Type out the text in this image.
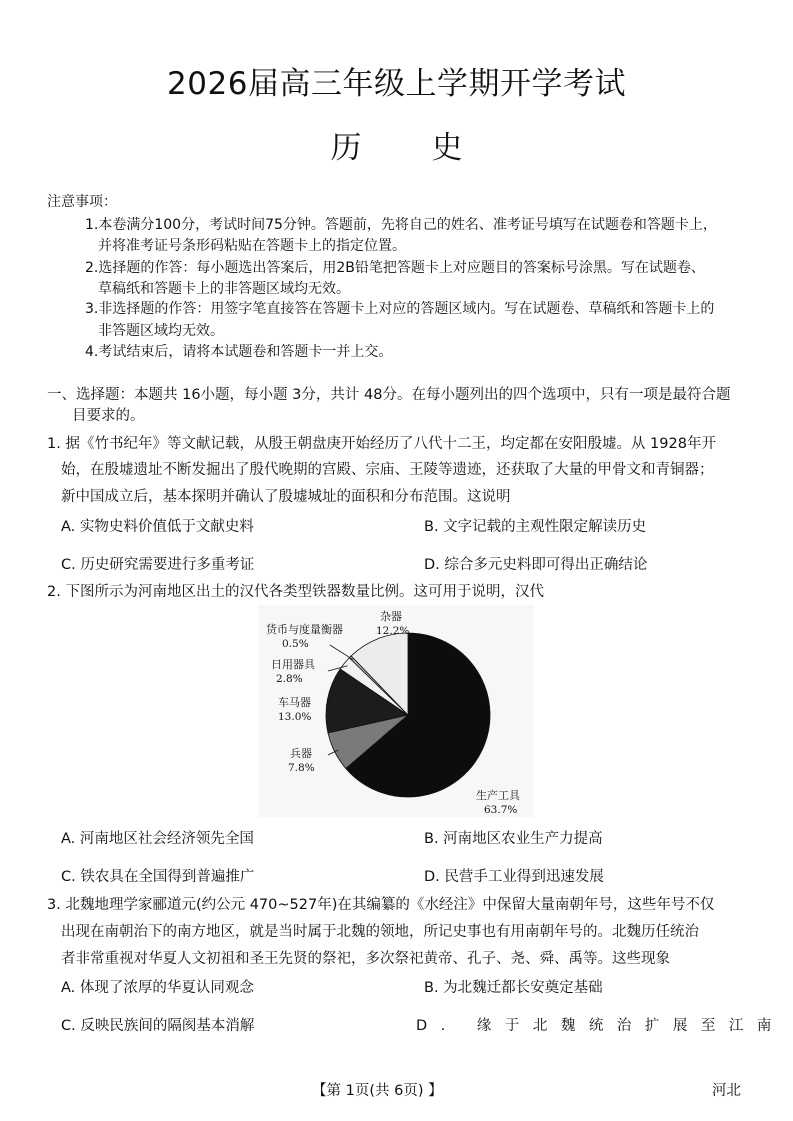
2026届高三年级上学期开学考试
历 史
注意事项：
1.本卷满分100分，考试时间75分钟。答题前，先将自己的姓名、准考证号填写在试题卷和答题卡上，
并将准考证号条形码粘贴在答题卡上的指定位置。
2.选择题的作答：每小题选出答案后，用2B铅笔把答题卡上对应题目的答案标号涂黑。写在试题卷、
草稿纸和答题卡上的非答题区域均无效。
3.非选择题的作答：用签字笔直接答在答题卡上对应的答题区域内。写在试题卷、草稿纸和答题卡上的
非答题区域均无效。
4.考试结束后，请将本试题卷和答题卡一并上交。
一、选择题：本题共 16小题，每小题 3分，共计 48分。在每小题列出的四个选项中，只有一项是最符合题
目要求的。
1. 据《竹书纪年》等文献记载，从殷王朝盘庚开始经历了八代十二王，均定都在安阳殷墟。从 1928年开
始，在殷墟遗址不断发掘出了殷代晚期的宫殿、宗庙、王陵等遗迹，还获取了大量的甲骨文和青铜器；
新中国成立后，基本探明并确认了殷墟城址的面积和分布范围。这说明
A. 实物史料价值低于文献史料	B. 文字记载的主观性限定解读历史
C. 历史研究需要进行多重考证	D. 综合多元史料即可得出正确结论
2. 下图所示为河南地区出土的汉代各类型铁器数量比例。这可用于说明，汉代
杂器
12.2%
货币与度量衡器
0.5%
日用器具
2.8%
车马器
13.0%
兵器
7.8%
生产工具
63.7%
A. 河南地区社会经济领先全国	B. 河南地区农业生产力提高
C. 铁农具在全国得到普遍推广	D. 民营手工业得到迅速发展
3. 北魏地理学家郦道元(约公元 470~527年)在其编纂的《水经注》中保留大量南朝年号，这些年号不仅
出现在南朝治下的南方地区，就是当时属于北魏的领地，所记史事也有用南朝年号的。北魏历任统治
者非常重视对华夏人文初祖和圣王先贤的祭祀，多次祭祀黄帝、孔子、尧、舜、禹等。这些现象
A. 体现了浓厚的华夏认同观念	B. 为北魏迁都长安奠定基础
C. 反映民族间的隔阂基本消解	D. 缘于北魏统治扩展至江南
【第 1页(共 6页) 】	河北
